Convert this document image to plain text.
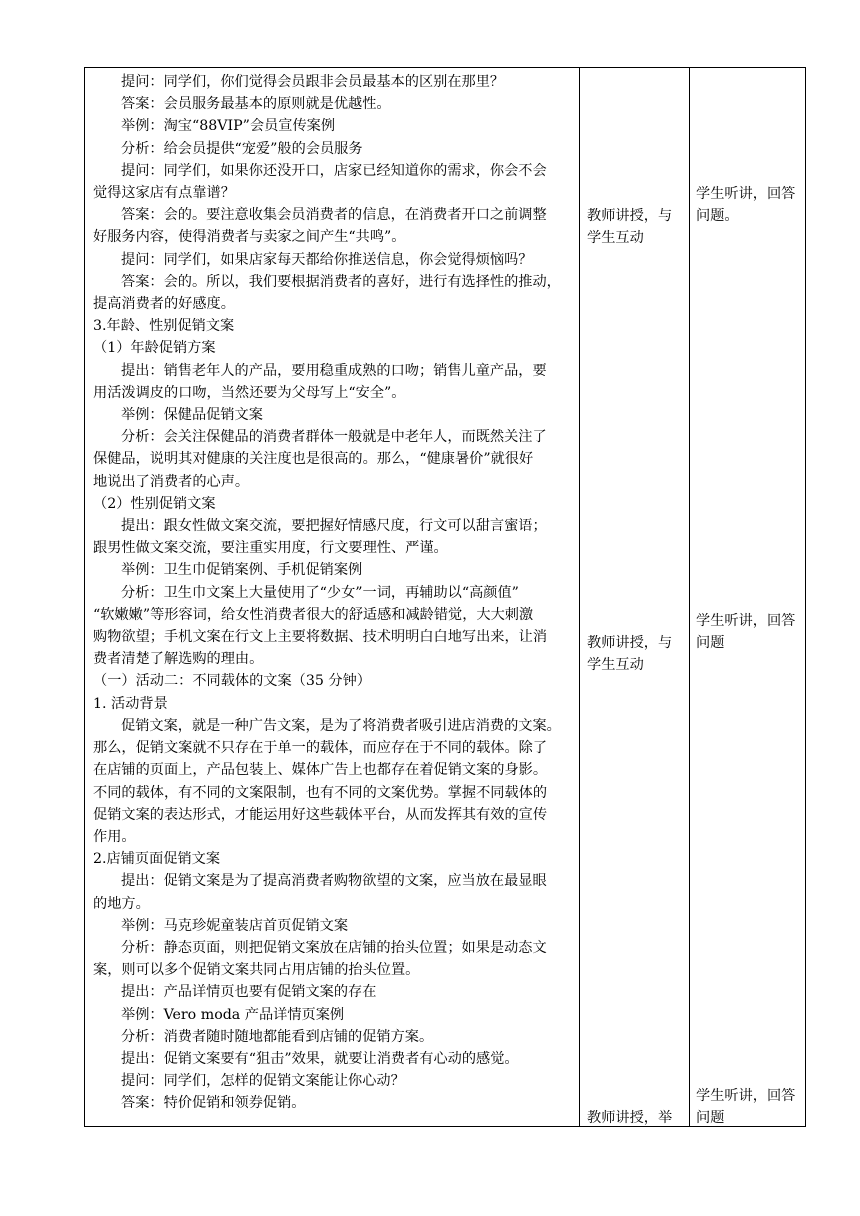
提问：同学们，你们觉得会员跟非会员最基本的区别在那里？
答案：会员服务最基本的原则就是优越性。
举例：淘宝“88VIP”会员宣传案例
分析：给会员提供“宠爱”般的会员服务
提问：同学们，如果你还没开口，店家已经知道你的需求，你会不会
觉得这家店有点靠谱？
答案：会的。要注意收集会员消费者的信息，在消费者开口之前调整
好服务内容，使得消费者与卖家之间产生“共鸣”。
提问：同学们，如果店家每天都给你推送信息，你会觉得烦恼吗？
答案：会的。所以，我们要根据消费者的喜好，进行有选择性的推动，
提高消费者的好感度。
3.年龄、性别促销文案
（1）年龄促销方案
提出：销售老年人的产品，要用稳重成熟的口吻；销售儿童产品，要
用活泼调皮的口吻，当然还要为父母写上“安全”。
举例：保健品促销文案
分析：会关注保健品的消费者群体一般就是中老年人，而既然关注了
保健品，说明其对健康的关注度也是很高的。那么，“健康暑价”就很好
地说出了消费者的心声。
（2）性别促销文案
提出：跟女性做文案交流，要把握好情感尺度，行文可以甜言蜜语；
跟男性做文案交流，要注重实用度，行文要理性、严谨。
举例：卫生巾促销案例、手机促销案例
分析：卫生巾文案上大量使用了“少女”一词，再辅助以“高颜值”
“软嫩嫩”等形容词，给女性消费者很大的舒适感和减龄错觉，大大刺激
购物欲望；手机文案在行文上主要将数据、技术明明白白地写出来，让消
费者清楚了解选购的理由。
（一）活动二：不同载体的文案（35 分钟）
1. 活动背景
促销文案，就是一种广告文案，是为了将消费者吸引进店消费的文案。
那么，促销文案就不只存在于单一的载体，而应存在于不同的载体。除了
在店铺的页面上，产品包装上、媒体广告上也都存在着促销文案的身影。
不同的载体，有不同的文案限制，也有不同的文案优势。掌握不同载体的
促销文案的表达形式，才能运用好这些载体平台，从而发挥其有效的宣传
作用。
2.店铺页面促销文案
提出：促销文案是为了提高消费者购物欲望的文案，应当放在最显眼
的地方。
举例：马克珍妮童装店首页促销文案
分析：静态页面，则把促销文案放在店铺的抬头位置；如果是动态文
案，则可以多个促销文案共同占用店铺的抬头位置。
提出：产品详情页也要有促销文案的存在
举例：Vero moda 产品详情页案例
分析：消费者随时随地都能看到店铺的促销方案。
提出：促销文案要有“狙击”效果，就要让消费者有心动的感觉。
提问：同学们，怎样的促销文案能让你心动？
答案：特价促销和领券促销。
教师讲授，与
学生互动
学生听讲，回答
问题。
教师讲授，与
学生互动
学生听讲，回答
问题
教师讲授，举
学生听讲，回答
问题
